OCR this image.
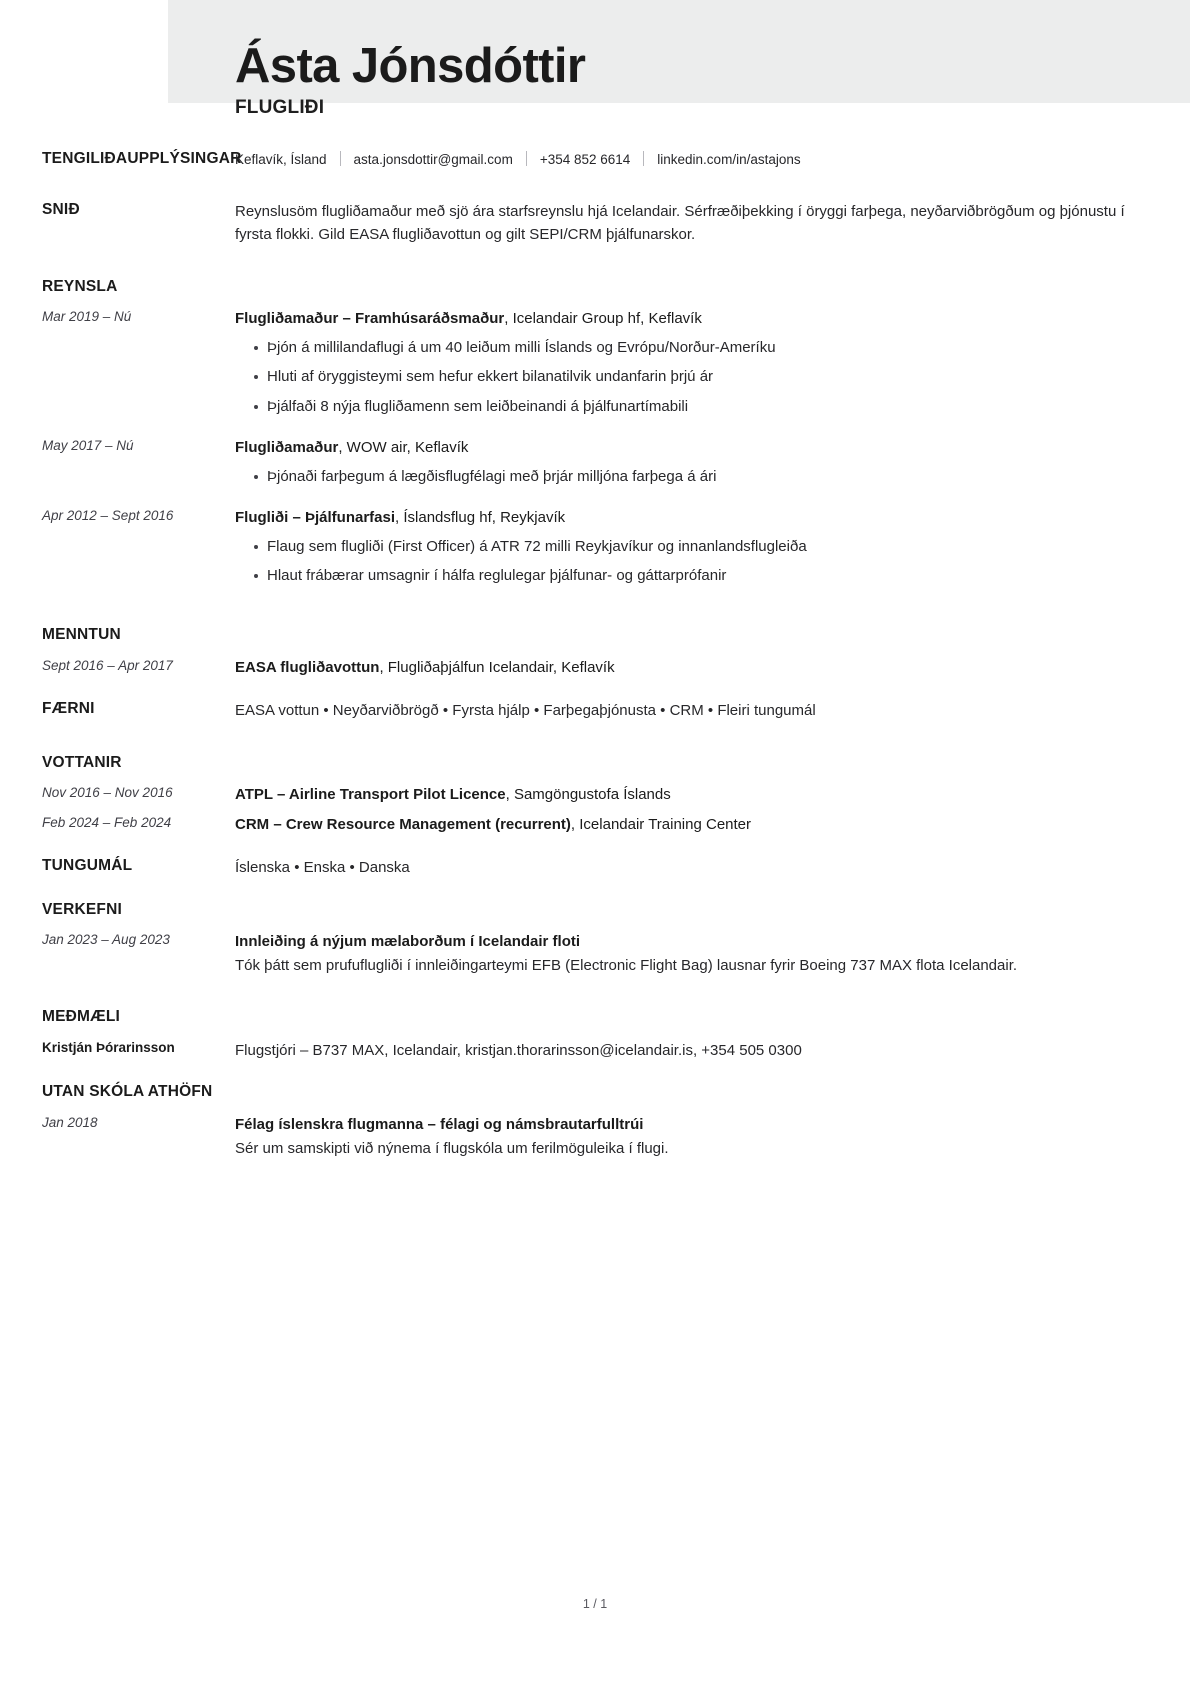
Ásta Jónsdóttir
FLUGLIÐI
TENGILIÐAUPPLÝSINGAR
Keflavík, Ísland asta.jonsdottir@gmail.com +354 852 6614 linkedin.com/in/astajons
SNIÐ	Reynslusöm flugliðamaður með sjö ára starfsreynslu hjá Icelandair. Sérfræðiþekking í öryggi farþega, neyðarviðbrögðum og þjónustu í fyrsta flokki. Gild EASA flugliðavottun og gilt SEPI/CRM þjálfunarskor.
REYNSLA
Mar 2019 – Nú	Flugliðamaður – Framhúsaráðsmaður, Icelandair Group hf, Keflavík
Þjón á millilandaflugi á um 40 leiðum milli Íslands og Evrópu/Norður-Ameríku
Hluti af öryggisteymi sem hefur ekkert bilanatilvik undanfarin þrjú ár
Þjálfaði 8 nýja flugliðamenn sem leiðbeinandi á þjálfunartímabili
May 2017 – Nú	Flugliðamaður, WOW air, Keflavík
Þjónaði farþegum á lægðisflugfélagi með þrjár milljóna farþega á ári
Apr 2012 – Sept 2016	Flugliði – Þjálfunarfasi, Íslandsflug hf, Reykjavík
Flaug sem flugliði (First Officer) á ATR 72 milli Reykjavíkur og innanlandsflugleiða
Hlaut frábærar umsagnir í hálfa reglulegar þjálfunar- og gáttarprófanir
MENNTUN
Sept 2016 – Apr 2017	EASA flugliðavottun, Flugliðaþjálfun Icelandair, Keflavík
FÆRNI	EASA vottun • Neyðarviðbrögð • Fyrsta hjálp • Farþegaþjónusta • CRM • Fleiri tungumál
VOTTANIR
Nov 2016 – Nov 2016	ATPL – Airline Transport Pilot Licence, Samgöngustofa Íslands
Feb 2024 – Feb 2024	CRM – Crew Resource Management (recurrent), Icelandair Training Center
TUNGUMÁL	Íslenska • Enska • Danska
VERKEFNI
Jan 2023 – Aug 2023	Innleiðing á nýjum mælaborðum í Icelandair floti
Tók þátt sem prufuflugliði í innleiðingarteymi EFB (Electronic Flight Bag) lausnar fyrir Boeing 737 MAX flota Icelandair.
MEÐMÆLI
Kristján Þórarinsson	Flugstjóri – B737 MAX, Icelandair, kristjan.thorarinsson@icelandair.is, +354 505 0300
UTAN SKÓLA ATHÖFN
Jan 2018	Félag íslenskra flugmanna – félagi og námsbrautarfulltrúi
Sér um samskipti við nýnema í flugskóla um ferilmöguleika í flugi.
1 / 1
